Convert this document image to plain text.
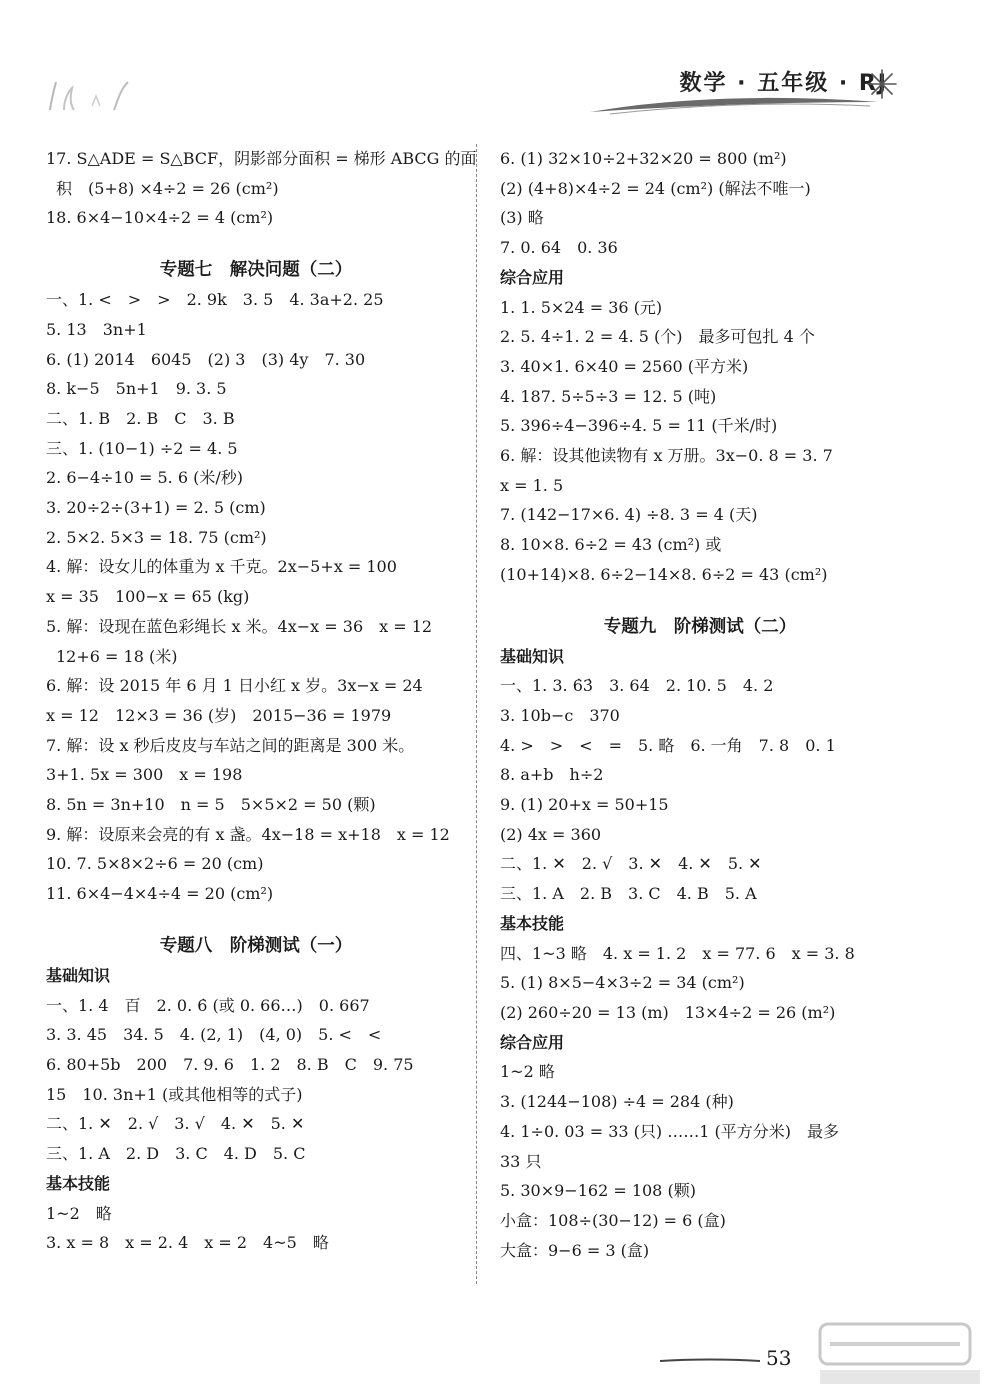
数学 · 五年级 · RJ
17. S△ADE = S△BCF，阴影部分面积 = 梯形 ABCG 的面
积　(5+8) ×4÷2 = 26 (cm²)
18. 6×4−10×4÷2 = 4 (cm²)
专题七　解决问题（二）
一、1. <　>　>　2. 9k　3. 5　4. 3a+2. 25
5. 13　3n+1
6. (1) 2014　6045　(2) 3　(3) 4y　7. 30
8. k−5　5n+1　9. 3. 5
二、1. B　2. B　C　3. B
三、1. (10−1) ÷2 = 4. 5
2. 6−4÷10 = 5. 6 (米/秒)
3. 20÷2÷(3+1) = 2. 5 (cm)
2. 5×2. 5×3 = 18. 75 (cm²)
4. 解：设女儿的体重为 x 千克。2x−5+x = 100
x = 35　100−x = 65 (kg)
5. 解：设现在蓝色彩绳长 x 米。4x−x = 36　x = 12
12+6 = 18 (米)
6. 解：设 2015 年 6 月 1 日小红 x 岁。3x−x = 24
x = 12　12×3 = 36 (岁)　2015−36 = 1979
7. 解：设 x 秒后皮皮与车站之间的距离是 300 米。
3+1. 5x = 300　x = 198
8. 5n = 3n+10　n = 5　5×5×2 = 50 (颗)
9. 解：设原来会亮的有 x 盏。4x−18 = x+18　x = 12
10. 7. 5×8×2÷6 = 20 (cm)
11. 6×4−4×4÷4 = 20 (cm²)
专题八　阶梯测试（一）
基础知识
一、1. 4　百　2. 0. 6̇ (或 0. 66…)　0. 667
3. 3. 45　34. 5　4. (2, 1)　(4, 0)　5. <　<
6. 80+5b　200　7. 9. 6　1. 2　8. B　C　9. 75
15　10. 3n+1 (或其他相等的式子)
二、1. ✕　2. √　3. √　4. ✕　5. ✕
三、1. A　2. D　3. C　4. D　5. C
基本技能
1~2　略
3. x = 8　x = 2. 4　x = 2　4~5　略
6. (1) 32×10÷2+32×20 = 800 (m²)
(2) (4+8)×4÷2 = 24 (cm²) (解法不唯一)
(3) 略
7. 0. 64　0. 36
综合应用
1. 1. 5×24 = 36 (元)
2. 5. 4÷1. 2 = 4. 5 (个)　最多可包扎 4 个
3. 40×1. 6×40 = 2560 (平方米)
4. 187. 5÷5÷3 = 12. 5 (吨)
5. 396÷4−396÷4. 5 = 11 (千米/时)
6. 解：设其他读物有 x 万册。3x−0. 8 = 3. 7
x = 1. 5
7. (142−17×6. 4) ÷8. 3 = 4 (天)
8. 10×8. 6÷2 = 43 (cm²) 或
(10+14)×8. 6÷2−14×8. 6÷2 = 43 (cm²)
专题九　阶梯测试（二）
基础知识
一、1. 3. 6̇3̇　3. 64　2. 10. 5　4. 2
3. 10b−c　370
4. >　>　<　=　5. 略　6. 一角　7. 8　0. 1
8. a+b　h÷2
9. (1) 20+x = 50+15
(2) 4x = 360
二、1. ✕　2. √　3. ✕　4. ✕　5. ✕
三、1. A　2. B　3. C　4. B　5. A
基本技能
四、1~3 略　4. x = 1. 2　x = 77. 6　x = 3. 8
5. (1) 8×5−4×3÷2 = 34 (cm²)
(2) 260÷20 = 13 (m)　13×4÷2 = 26 (m²)
综合应用
1~2 略
3. (1244−108) ÷4 = 284 (种)
4. 1÷0. 03 = 33 (只) ……1 (平方分米)　最多
33 只
5. 30×9−162 = 108 (颗)
小盒：108÷(30−12) = 6 (盒)
大盒：9−6 = 3 (盒)
53
